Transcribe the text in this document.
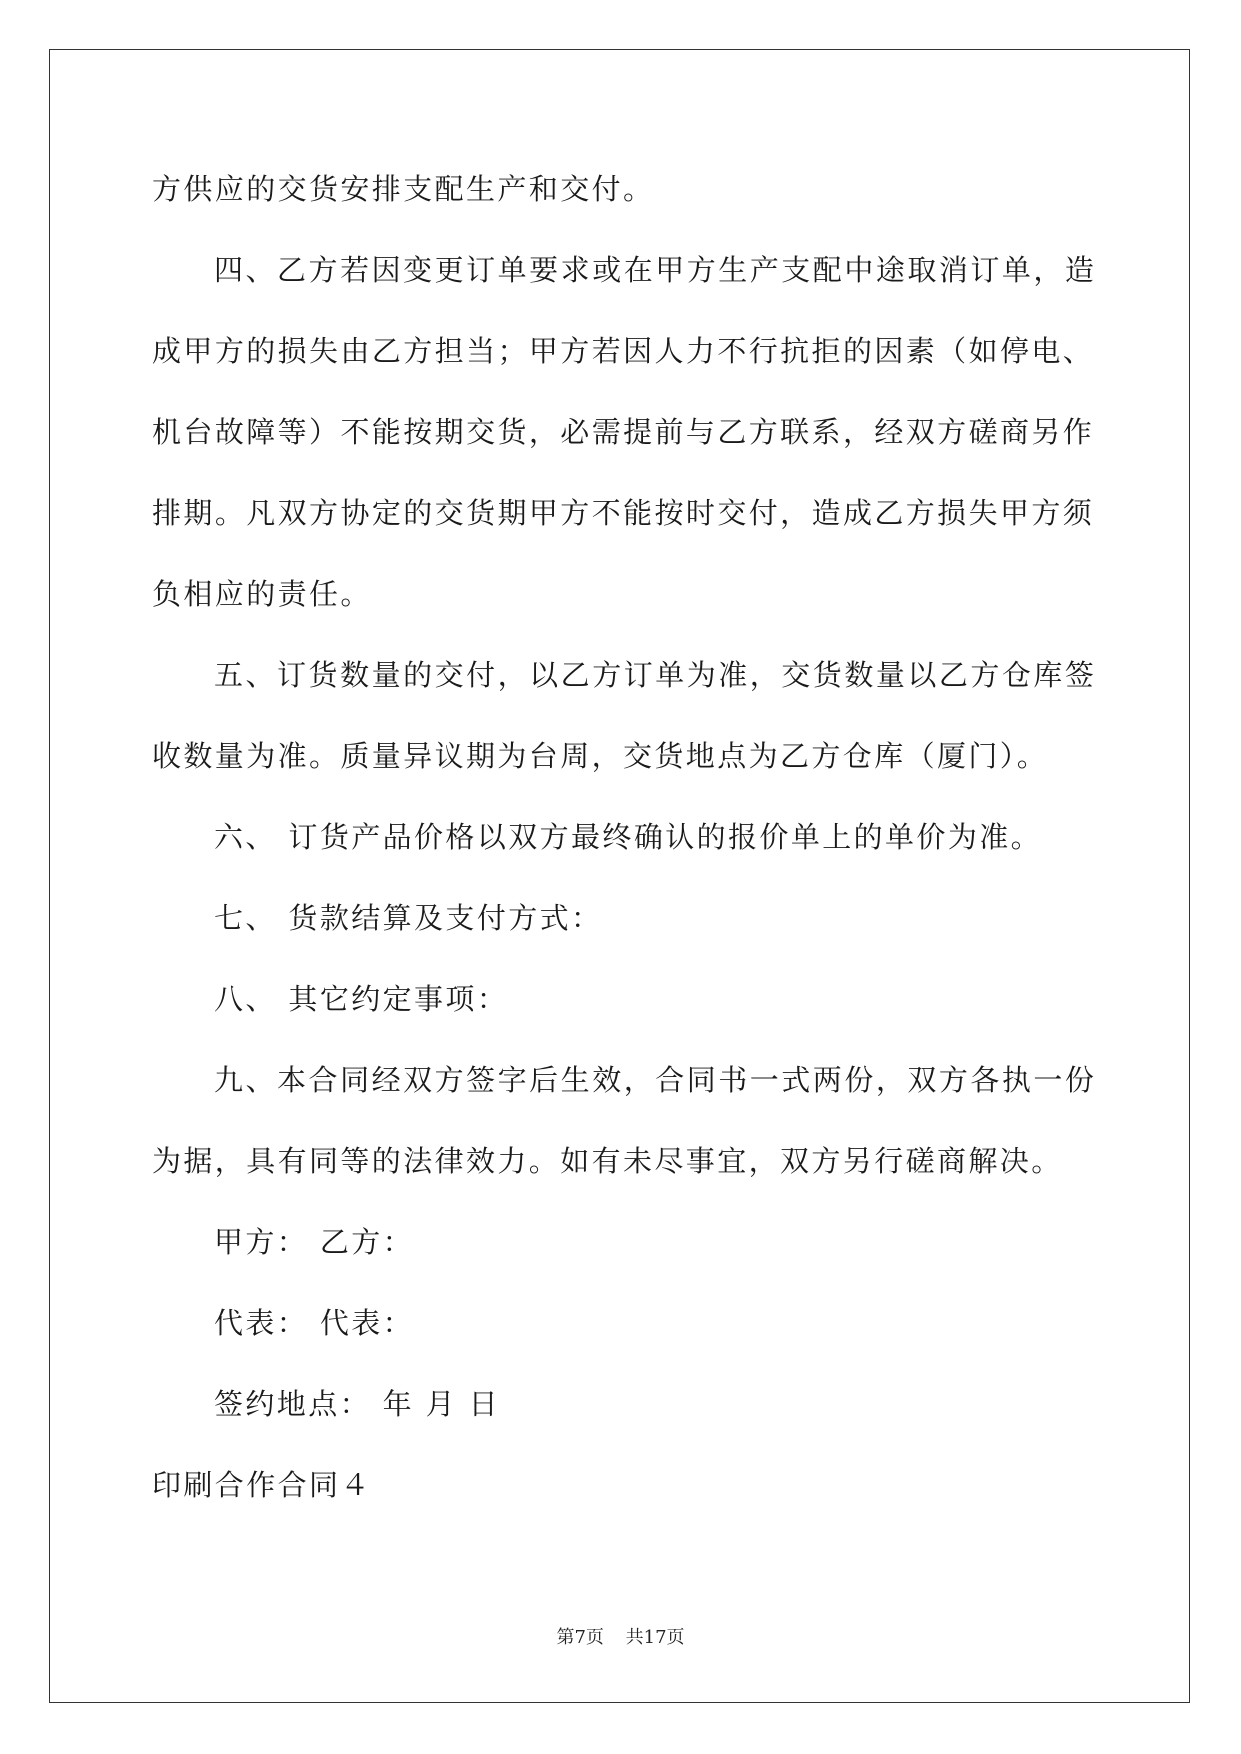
方供应的交货安排支配生产和交付。

四 、 乙 方 若 因 变 更 订 单 要 求 或 在 甲 方 生 产 支 配 中 途 取 消 订 单 ， 造

成 甲 方 的 损 失 由 乙 方 担 当 ； 甲 方 若 因 人 力 不 行 抗 拒 的 因 素 （ 如 停 电 、

机 台 故 障 等 ） 不 能 按 期 交 货 ， 必 需 提 前 与 乙 方 联 系 ， 经 双 方 磋 商 另 作

排 期 。 凡 双 方 协 定 的 交 货 期 甲 方 不 能 按 时 交 付 ， 造 成 乙 方 损 失 甲 方 须

负相应的责任。

五 、 订 货 数 量 的 交 付 ， 以 乙 方 订 单 为 准 ， 交 货 数 量 以 乙 方 仓 库 签

收数量为准。质量异议期为台周，交货地点为乙方仓库（厦门）。

六、 订货产品价格以双方最终确认的报价单上的单价为准。

七、 货款结算及支付方式：

八、 其它约定事项：

九 、 本 合 同 经 双 方 签 字 后 生 效 ， 合 同 书 一 式 两 份 ， 双 方 各 执 一 份

为据，具有同等的法律效力。如有未尽事宜，双方另行磋商解决。

甲方： 乙方：

代表： 代表：

签约地点： 年 月 日

印刷合作合同４

第7页 共17页
